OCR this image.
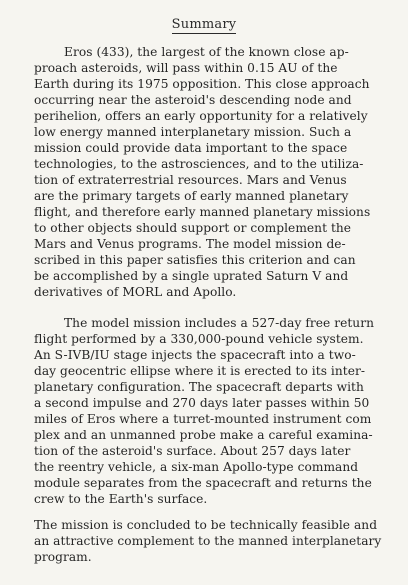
Summary
Eros (433), the largest of the known close ap-
proach asteroids, will pass within 0.15 AU of the
Earth during its 1975 opposition. This close approach
occurring near the asteroid's descending node and
perihelion, offers an early opportunity for a relatively
low energy manned interplanetary mission. Such a
mission could provide data important to the space
technologies, to the astrosciences, and to the utiliza-
tion of extraterrestrial resources. Mars and Venus
are the primary targets of early manned planetary
flight, and therefore early manned planetary missions
to other objects should support or complement the
Mars and Venus programs. The model mission de-
scribed in this paper satisfies this criterion and can
be accomplished by a single uprated Saturn V and
derivatives of MORL and Apollo.
The model mission includes a 527-day free return
flight performed by a 330,000-pound vehicle system.
An S-IVB/IU stage injects the spacecraft into a two-
day geocentric ellipse where it is erected to its inter-
planetary configuration. The spacecraft departs with
a second impulse and 270 days later passes within 50
miles of Eros where a turret-mounted instrument com
plex and an unmanned probe make a careful examina-
tion of the asteroid's surface. About 257 days later
the reentry vehicle, a six-man Apollo-type command
module separates from the spacecraft and returns the
crew to the Earth's surface.
The mission is concluded to be technically feasible and
an attractive complement to the manned interplanetary
program.
